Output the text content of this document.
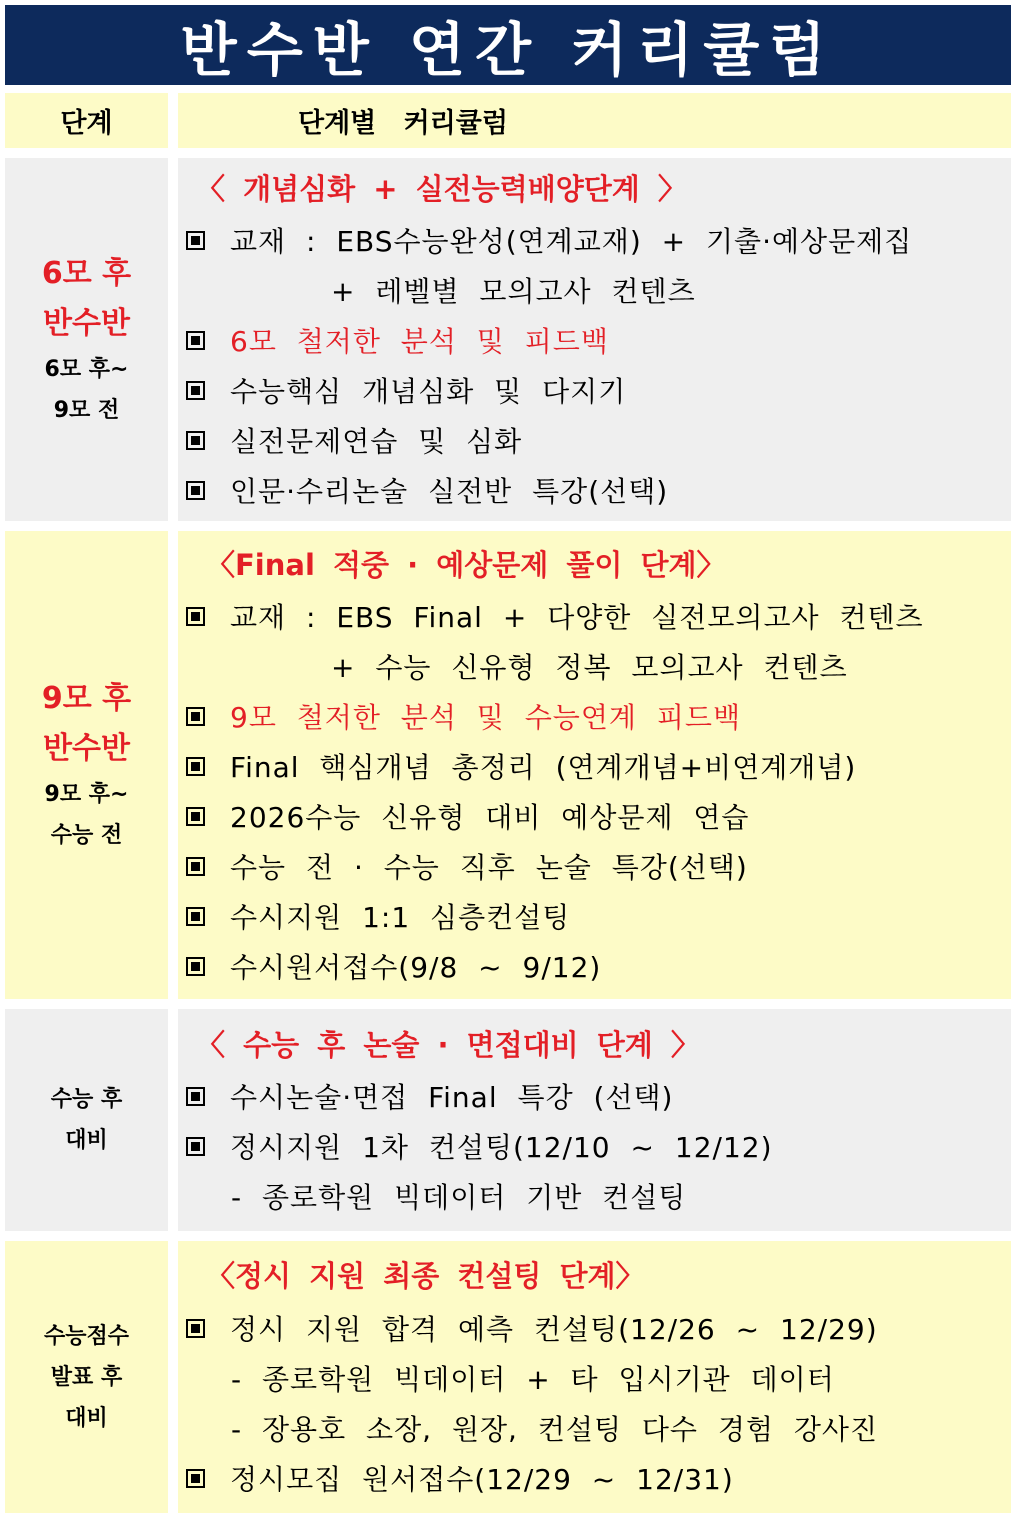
반수반 연간 커리큘럼
단계	단계별 커리큘럼
6모 후
반수반
6모 후~
9모 전
〈 개념심화 + 실전능력배양단계 〉
교재 : EBS수능완성(연계교재) + 기출·예상문제집
+ 레벨별 모의고사 컨텐츠
6모 철저한 분석 및 피드백
수능핵심 개념심화 및 다지기
실전문제연습 및 심화
인문·수리논술 실전반 특강(선택)
9모 후
반수반
9모 후~
수능 전
〈Final 적중 · 예상문제 풀이 단계〉
교재 : EBS Final + 다양한 실전모의고사 컨텐츠
+ 수능 신유형 정복 모의고사 컨텐츠
9모 철저한 분석 및 수능연계 피드백
Final 핵심개념 총정리 (연계개념+비연계개념)
2026수능 신유형 대비 예상문제 연습
수능 전 · 수능 직후 논술 특강(선택)
수시지원 1:1 심층컨설팅
수시원서접수(9/8 ~ 9/12)
수능 후
대비
〈 수능 후 논술 · 면접대비 단계 〉
수시논술·면접 Final 특강 (선택)
정시지원 1차 컨설팅(12/10 ~ 12/12)
- 종로학원 빅데이터 기반 컨설팅
수능점수
발표 후
대비
〈정시 지원 최종 컨설팅 단계〉
정시 지원 합격 예측 컨설팅(12/26 ~ 12/29)
- 종로학원 빅데이터 + 타 입시기관 데이터
- 장용호 소장, 원장, 컨설팅 다수 경험 강사진
정시모집 원서접수(12/29 ~ 12/31)
